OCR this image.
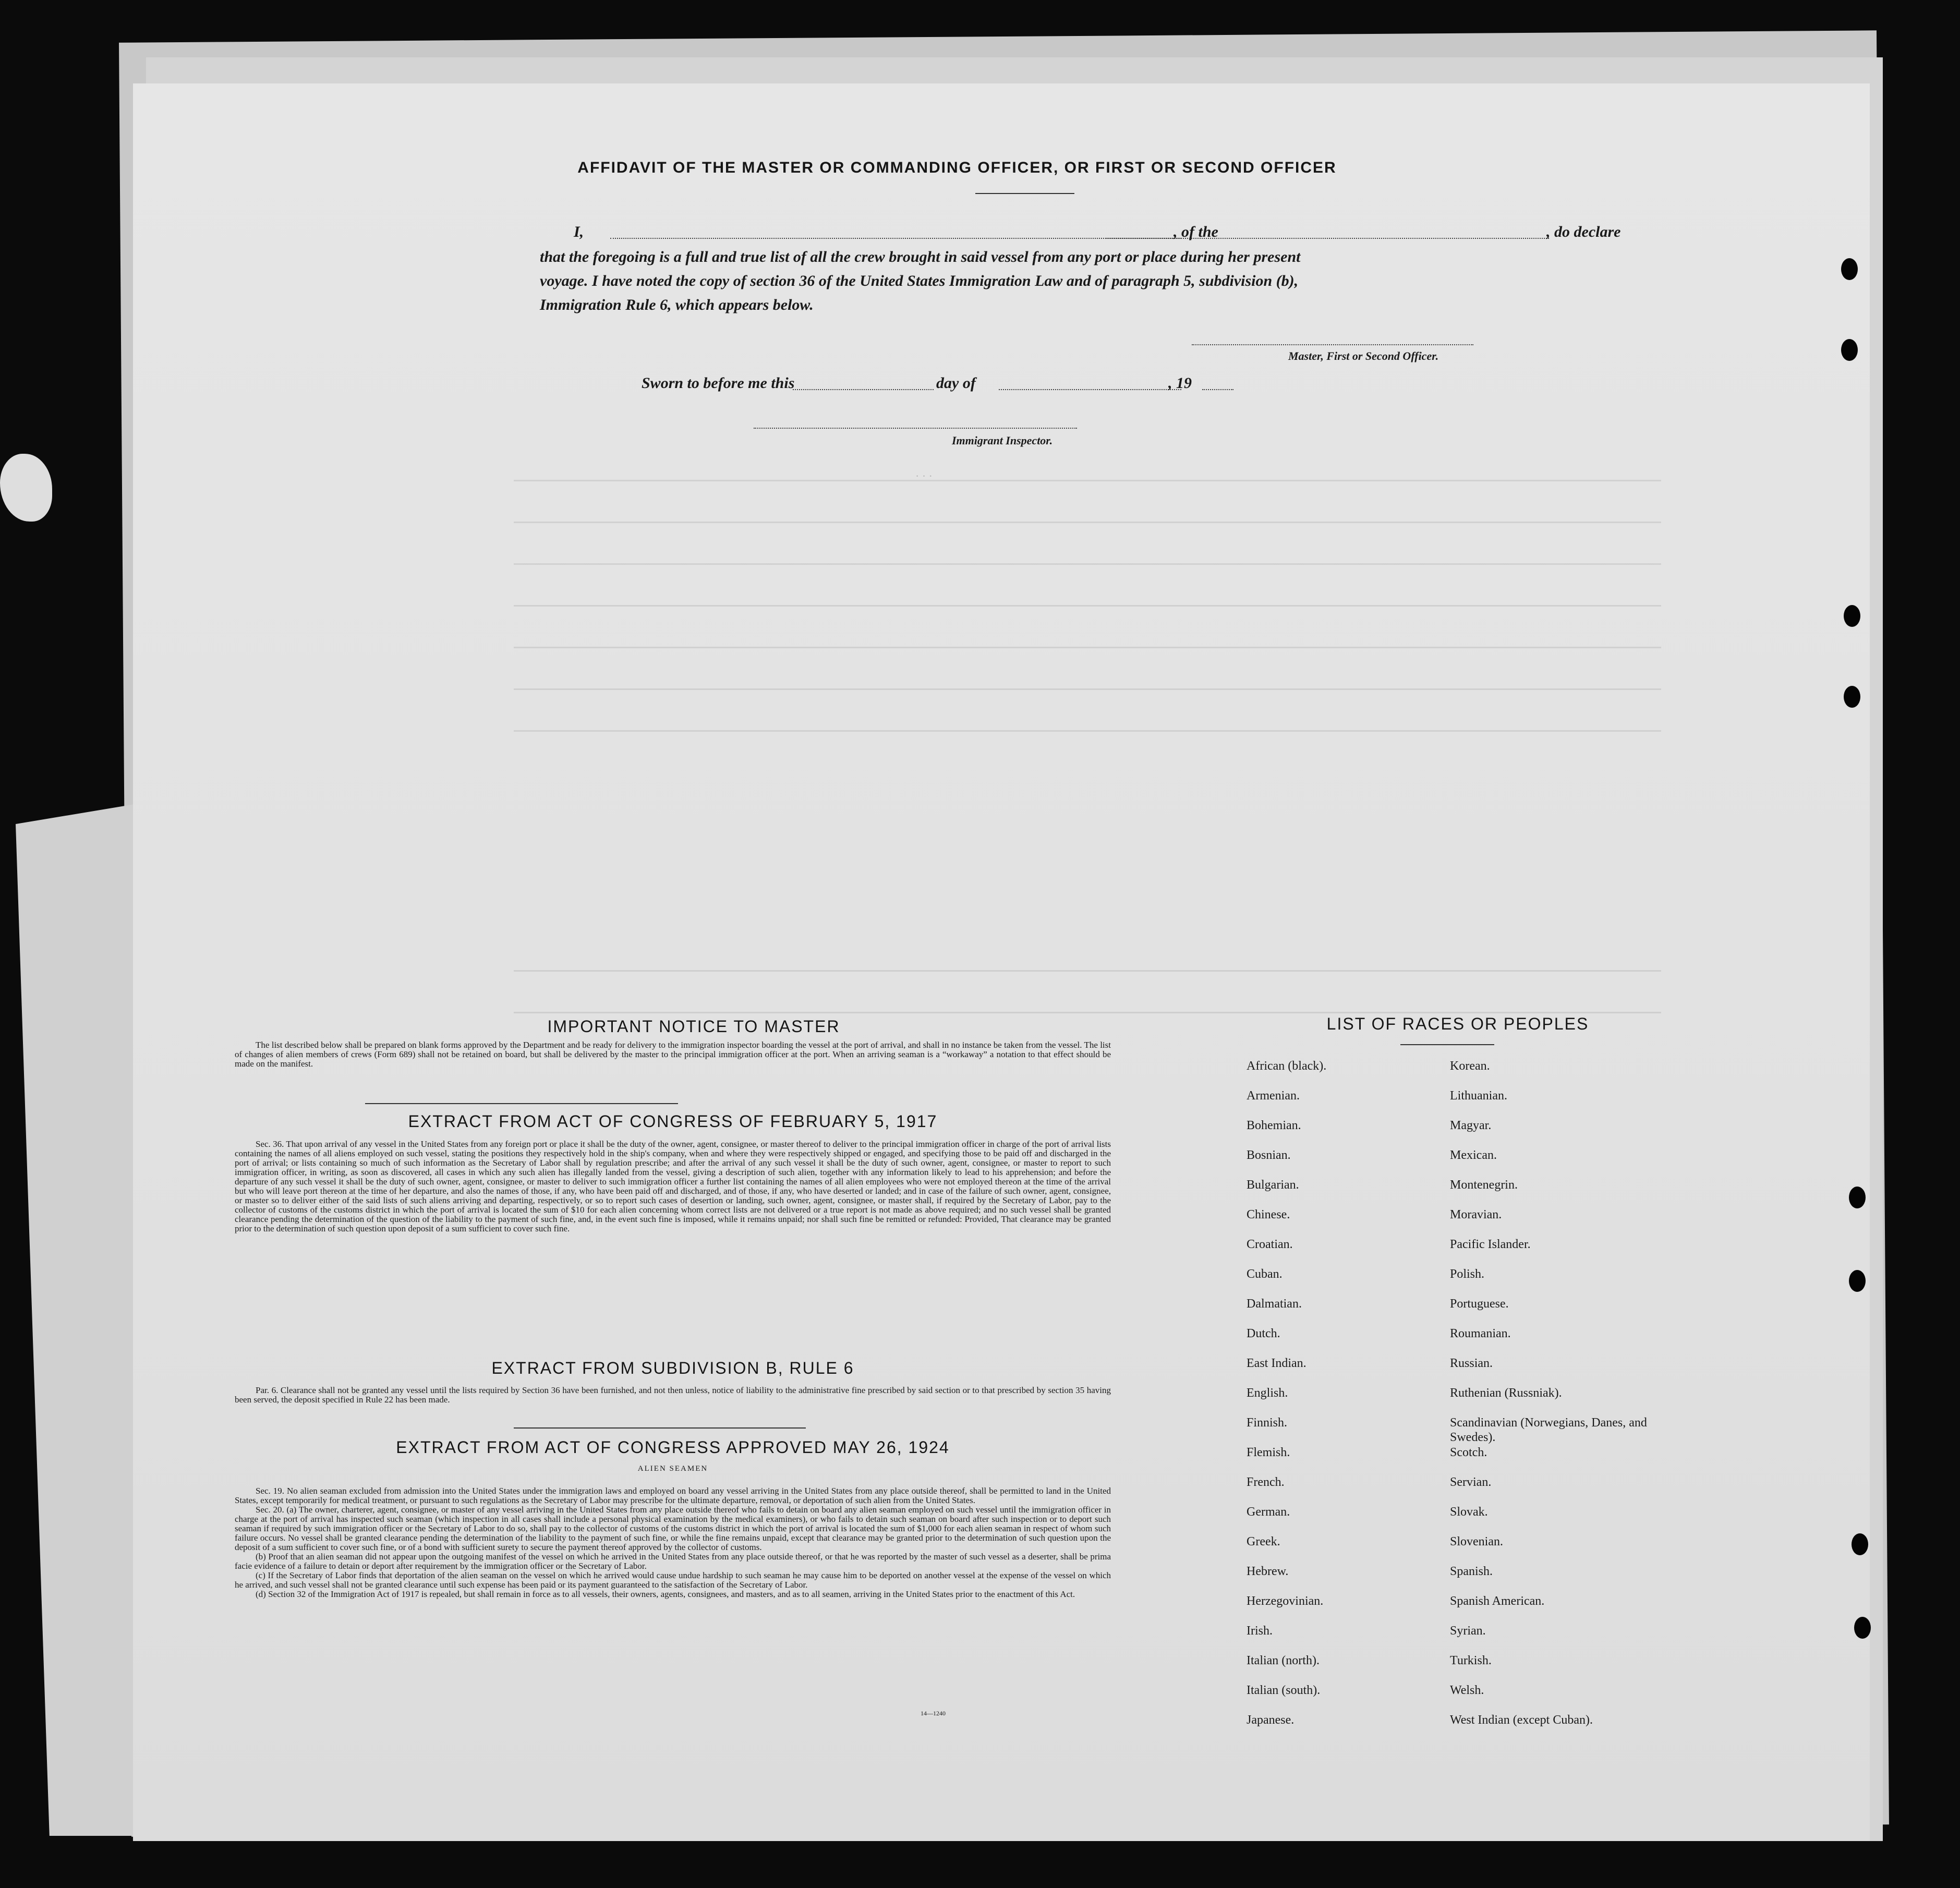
AFFIDAVIT OF THE MASTER OR COMMANDING OFFICER, OR FIRST OR SECOND OFFICER
I,	, of the	, do declare
that the foregoing is a full and true list of all the crew brought in said vessel from any port or place during her present
voyage. I have noted the copy of section 36 of the United States Immigration Law and of paragraph 5, subdivision (b),
Immigration Rule 6, which appears below.
Master, First or Second Officer.
Sworn to before me this	day of	, 19
Immigrant Inspector.
· · ·
IMPORTANT NOTICE TO MASTER

The list described below shall be prepared on blank forms approved by the Department and be ready for delivery to the immigration inspector boarding the vessel at the port of arrival, and shall in no instance be taken from the vessel. The list of changes of alien members of crews (Form 689) shall not be retained on board, but shall be delivered by the master to the principal immigration officer at the port. When an arriving seaman is a “workaway” a notation to that effect should be made on the manifest.

EXTRACT FROM ACT OF CONGRESS OF FEBRUARY 5, 1917

Sec. 36. That upon arrival of any vessel in the United States from any foreign port or place it shall be the duty of the owner, agent, consignee, or master thereof to deliver to the principal immigration officer in charge of the port of arrival lists containing the names of all aliens employed on such vessel, stating the positions they respectively hold in the ship's company, when and where they were respectively shipped or engaged, and specifying those to be paid off and discharged in the port of arrival; or lists containing so much of such information as the Secretary of Labor shall by regulation prescribe; and after the arrival of any such vessel it shall be the duty of such owner, agent, consignee, or master to report to such immigration officer, in writing, as soon as discovered, all cases in which any such alien has illegally landed from the vessel, giving a description of such alien, together with any information likely to lead to his apprehension; and before the departure of any such vessel it shall be the duty of such owner, agent, consignee, or master to deliver to such immigration officer a further list containing the names of all alien employees who were not employed thereon at the time of the arrival but who will leave port thereon at the time of her departure, and also the names of those, if any, who have been paid off and discharged, and of those, if any, who have deserted or landed; and in case of the failure of such owner, agent, consignee, or master so to deliver either of the said lists of such aliens arriving and departing, respectively, or so to report such cases of desertion or landing, such owner, agent, consignee, or master shall, if required by the Secretary of Labor, pay to the collector of customs of the customs district in which the port of arrival is located the sum of $10 for each alien concerning whom correct lists are not delivered or a true report is not made as above required; and no such vessel shall be granted clearance pending the determination of the question of the liability to the payment of such fine, and, in the event such fine is imposed, while it remains unpaid; nor shall such fine be remitted or refunded: Provided, That clearance may be granted prior to the determination of such question upon deposit of a sum sufficient to cover such fine.

EXTRACT FROM SUBDIVISION B, RULE 6

Par. 6. Clearance shall not be granted any vessel until the lists required by Section 36 have been furnished, and not then unless, notice of liability to the administrative fine prescribed by said section or to that prescribed by section 35 having been served, the deposit specified in Rule 22 has been made.

EXTRACT FROM ACT OF CONGRESS APPROVED MAY 26, 1924
ALIEN SEAMEN

Sec. 19. No alien seaman excluded from admission into the United States under the immigration laws and employed on board any vessel arriving in the United States from any place outside thereof, shall be permitted to land in the United States, except temporarily for medical treatment, or pursuant to such regulations as the Secretary of Labor may prescribe for the ultimate departure, removal, or deportation of such alien from the United States.

Sec. 20. (a) The owner, charterer, agent, consignee, or master of any vessel arriving in the United States from any place outside thereof who fails to detain on board any alien seaman employed on such vessel until the immigration officer in charge at the port of arrival has inspected such seaman (which inspection in all cases shall include a personal physical examination by the medical examiners), or who fails to detain such seaman on board after such inspection or to deport such seaman if required by such immigration officer or the Secretary of Labor to do so, shall pay to the collector of customs of the customs district in which the port of arrival is located the sum of $1,000 for each alien seaman in respect of whom such failure occurs. No vessel shall be granted clearance pending the determination of the liability to the payment of such fine, or while the fine remains unpaid, except that clearance may be granted prior to the determination of such question upon the deposit of a sum sufficient to cover such fine, or of a bond with sufficient surety to secure the payment thereof approved by the collector of customs.

(b) Proof that an alien seaman did not appear upon the outgoing manifest of the vessel on which he arrived in the United States from any place outside thereof, or that he was reported by the master of such vessel as a deserter, shall be prima facie evidence of a failure to detain or deport after requirement by the immigration officer or the Secretary of Labor.

(c) If the Secretary of Labor finds that deportation of the alien seaman on the vessel on which he arrived would cause undue hardship to such seaman he may cause him to be deported on another vessel at the expense of the vessel on which he arrived, and such vessel shall not be granted clearance until such expense has been paid or its payment guaranteed to the satisfaction of the Secretary of Labor.

(d) Section 32 of the Immigration Act of 1917 is repealed, but shall remain in force as to all vessels, their owners, agents, consignees, and masters, and as to all seamen, arriving in the United States prior to the enactment of this Act.

14—1240
LIST OF RACES OR PEOPLES
African (black).
Armenian.
Bohemian.
Bosnian.
Bulgarian.
Chinese.
Croatian.
Cuban.
Dalmatian.
Dutch.
East Indian.
English.
Finnish.
Flemish.
French.
German.
Greek.
Hebrew.
Herzegovinian.
Irish.
Italian (north).
Italian (south).
Japanese.
Korean.
Lithuanian.
Magyar.
Mexican.
Montenegrin.
Moravian.
Pacific Islander.
Polish.
Portuguese.
Roumanian.
Russian.
Ruthenian (Russniak).
Scandinavian (Norwegians, Danes, and Swedes).
Scotch.
Servian.
Slovak.
Slovenian.
Spanish.
Spanish American.
Syrian.
Turkish.
Welsh.
West Indian (except Cuban).
